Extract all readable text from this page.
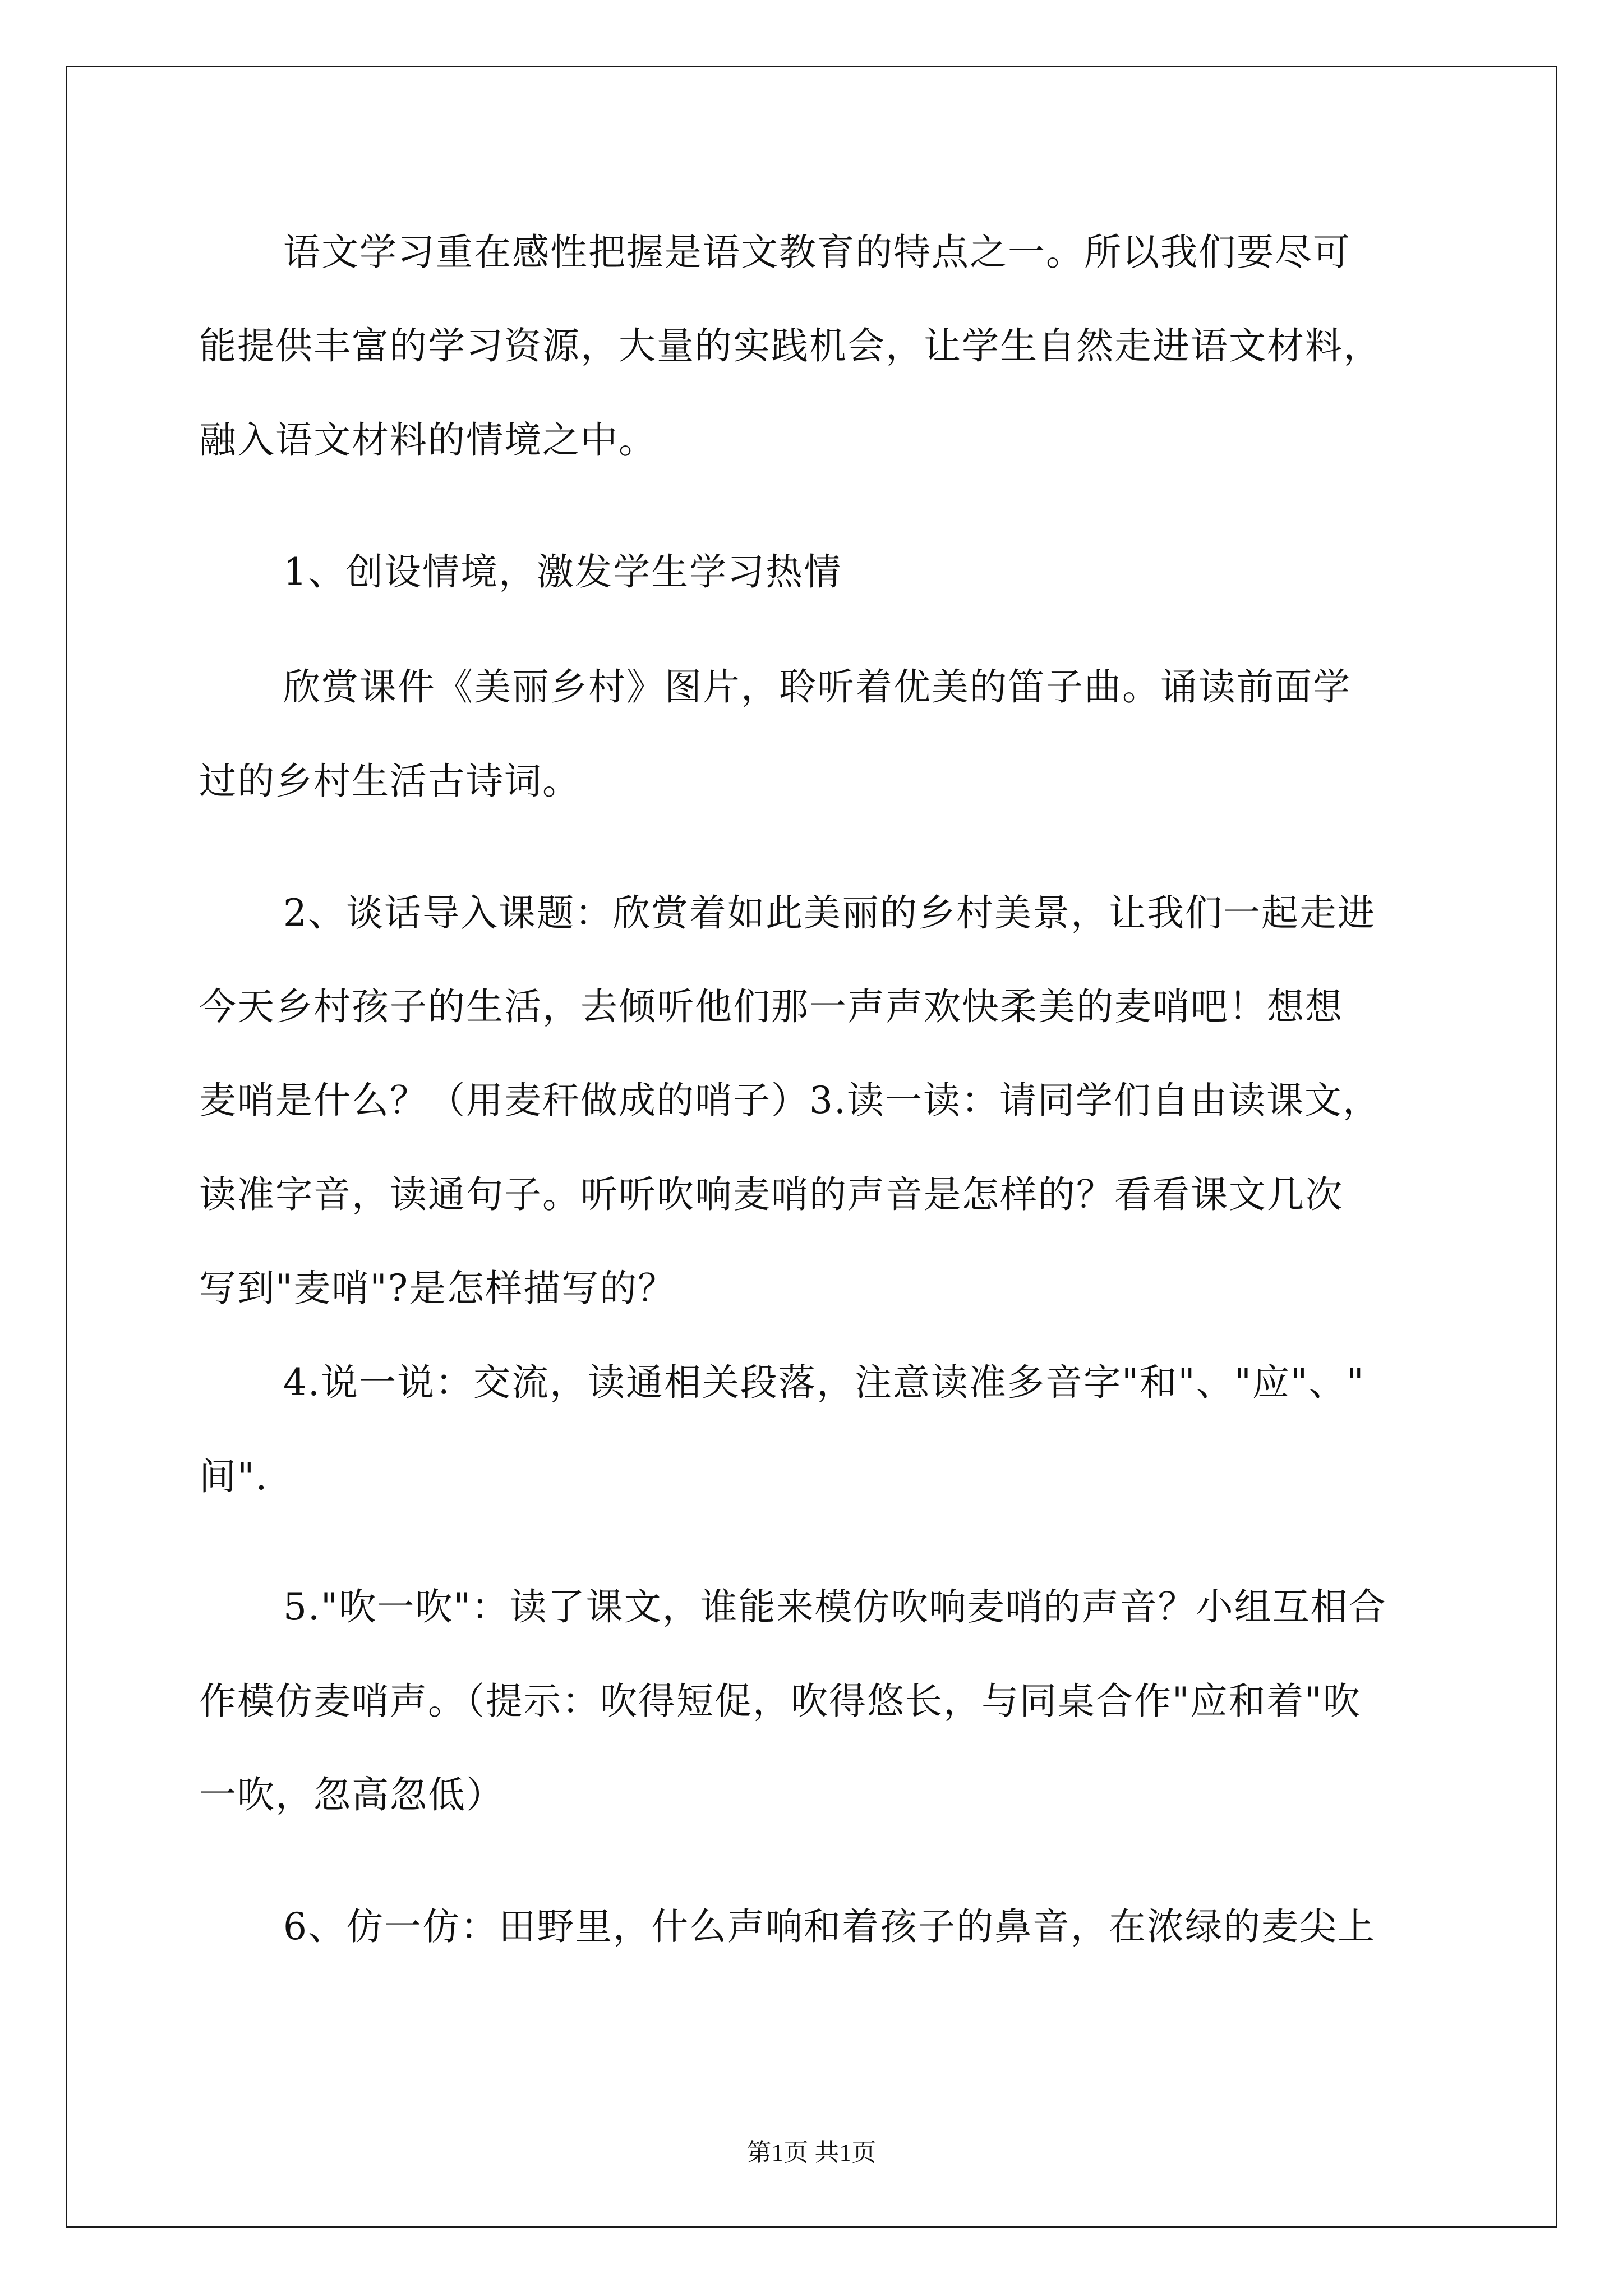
语文学习重在感性把握是语文教育的特点之一。所以我们要尽可
能提供丰富的学习资源，大量的实践机会，让学生自然走进语文材料，
融入语文材料的情境之中。
1、创设情境，激发学生学习热情
欣赏课件《美丽乡村》图片，聆听着优美的笛子曲。诵读前面学
过的乡村生活古诗词。
2、谈话导入课题：欣赏着如此美丽的乡村美景，让我们一起走进
今天乡村孩子的生活，去倾听他们那一声声欢快柔美的麦哨吧！想想
麦哨是什么？（用麦秆做成的哨子）3.读一读：请同学们自由读课文，
读准字音，读通句子。听听吹响麦哨的声音是怎样的？看看课文几次
写到"麦哨"?是怎样描写的？
4.说一说：交流，读通相关段落，注意读准多音字"和"、"应"、"
间".
5."吹一吹"：读了课文，谁能来模仿吹响麦哨的声音？小组互相合
作模仿麦哨声。（提示：吹得短促，吹得悠长，与同桌合作"应和着"吹
一吹，忽高忽低）
6、仿一仿：田野里，什么声响和着孩子的鼻音，在浓绿的麦尖上
第1页 共1页
